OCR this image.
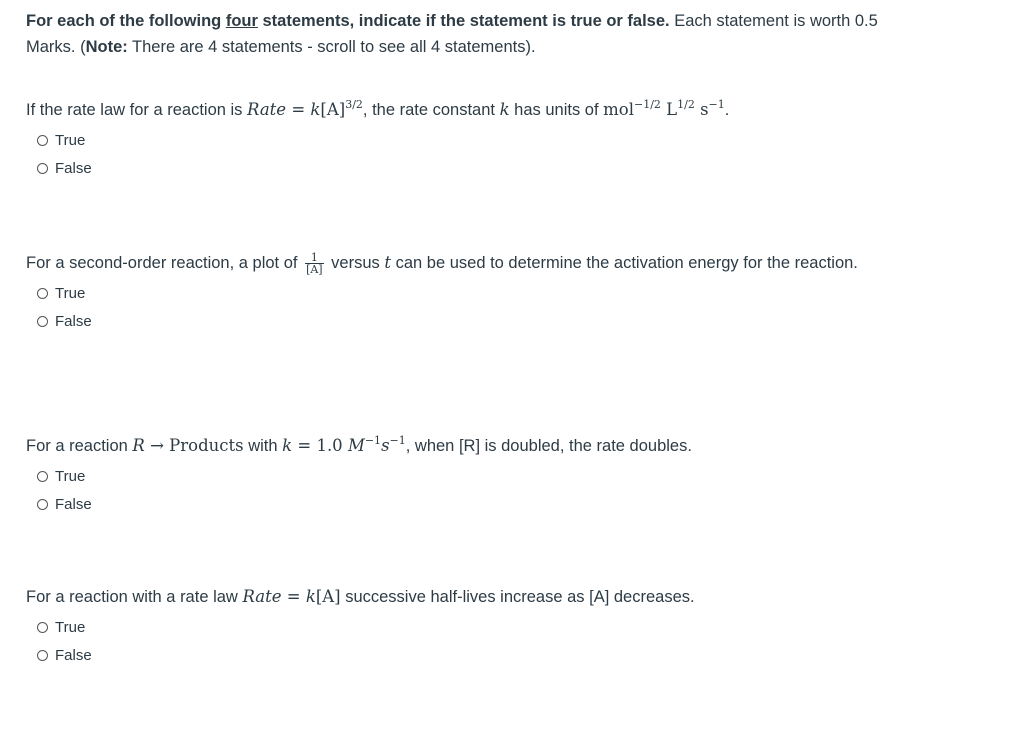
For each of the following four statements, indicate if the statement is true or false. Each statement is worth 0.5 Marks. (Note: There are 4 statements - scroll to see all 4 statements).
If the rate law for a reaction is Rate = $k[A]^{3/2}$, the rate constant k has units of mol$^{-1/2}$ $L^{1/2}$ $s^{-1}$.
True
False
For a second-order reaction, a plot of $\frac{1}{[A]}$ versus t can be used to determine the activation energy for the reaction.
True
False
For a reaction R → Products with k = 1.0 $M^{-1}s^{-1}$, when [R] is doubled, the rate doubles.
True
False
For a reaction with a rate law Rate = k[A] successive half-lives increase as [A] decreases.
True
False
